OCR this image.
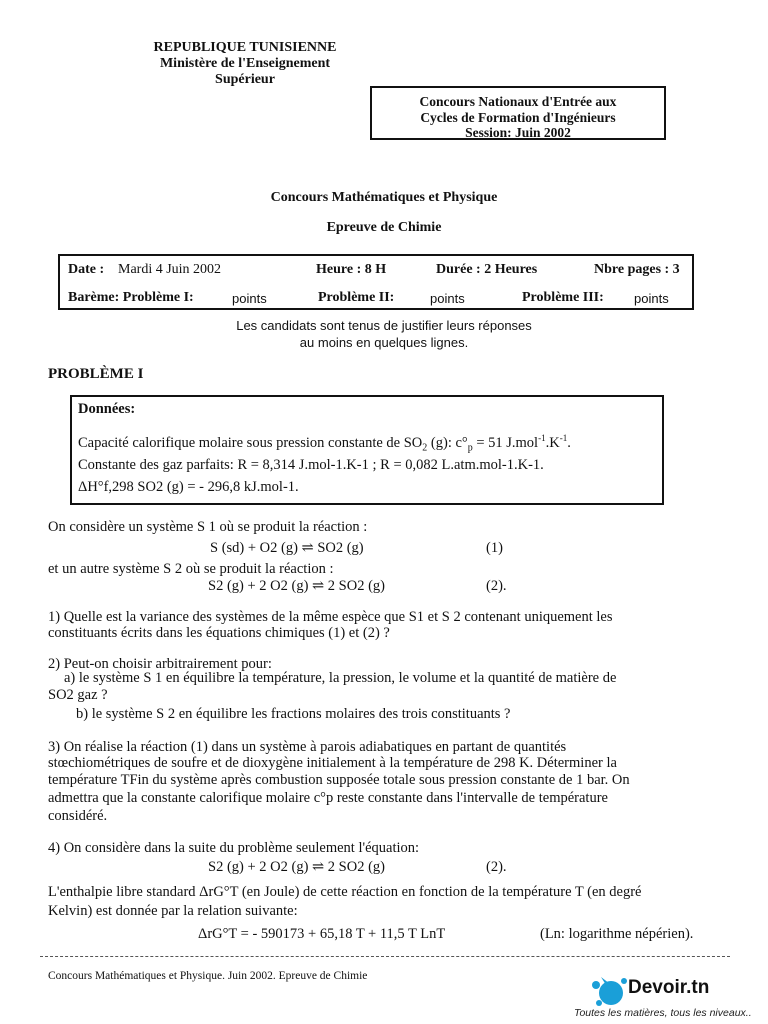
REPUBLIQUE TUNISIENNE
Ministère de l'Enseignement
Supérieur
Concours Nationaux d'Entrée aux
Cycles de Formation d'Ingénieurs
Session: Juin 2002
Concours Mathématiques et Physique
Epreuve de Chimie
Date : Mardi 4 Juin 2002	Heure : 8 H	Durée : 2 Heures	Nbre pages : 3
Barème: Problème I:	points	Problème II:	points	Problème III: points
Les candidats sont tenus de justifier leurs réponses
au moins en quelques lignes.
PROBLÈME I
Données:
Capacité calorifique molaire sous pression constante de $SO_2$ (g): $c^\circ_p = 51$ $J.mol^{-1}.K^{-1}$.
Constante des gaz parfaits: R = 8,314 J.mol-1.K-1 ; R = 0,082 L.atm.mol-1.K-1.
ΔH°f,298 SO2 (g) = - 296,8 kJ.mol-1.
On considère un système S 1 où se produit la réaction :
S (sd) + O2 (g) ⇌ SO2 (g)	(1)
et un autre système S 2 où se produit la réaction :
S2 (g) + 2 O2 (g) ⇌ 2 SO2 (g)	(2).
1) Quelle est la variance des systèmes de la même espèce que S1 et S 2 contenant uniquement les
constituants écrits dans les équations chimiques (1) et (2) ?
2) Peut-on choisir arbitrairement pour:
a) le système S 1 en équilibre la température, la pression, le volume et la quantité de matière de
SO2 gaz ?
b) le système S 2 en équilibre les fractions molaires des trois constituants ?
3) On réalise la réaction (1) dans un système à parois adiabatiques en partant de quantités
stœchiométriques de soufre et de dioxygène initialement à la température de 298 K. Déterminer la
température TFin du système après combustion supposée totale sous pression constante de 1 bar. On
admettra que la constante calorifique molaire c°p reste constante dans l'intervalle de température
considéré.
4) On considère dans la suite du problème seulement l'équation:
S2 (g) + 2 O2 (g) ⇌ 2 SO2 (g)	(2).
L'enthalpie libre standard ΔrG°T (en Joule) de cette réaction en fonction de la température T (en degré
Kelvin) est donnée par la relation suivante:
ΔrG°T = - 590173 + 65,18 T + 11,5 T LnT	(Ln: logarithme népérien).
Concours Mathématiques et Physique. Juin 2002. Epreuve de Chimie
Devoir.tn
Toutes les matières, tous les niveaux..
